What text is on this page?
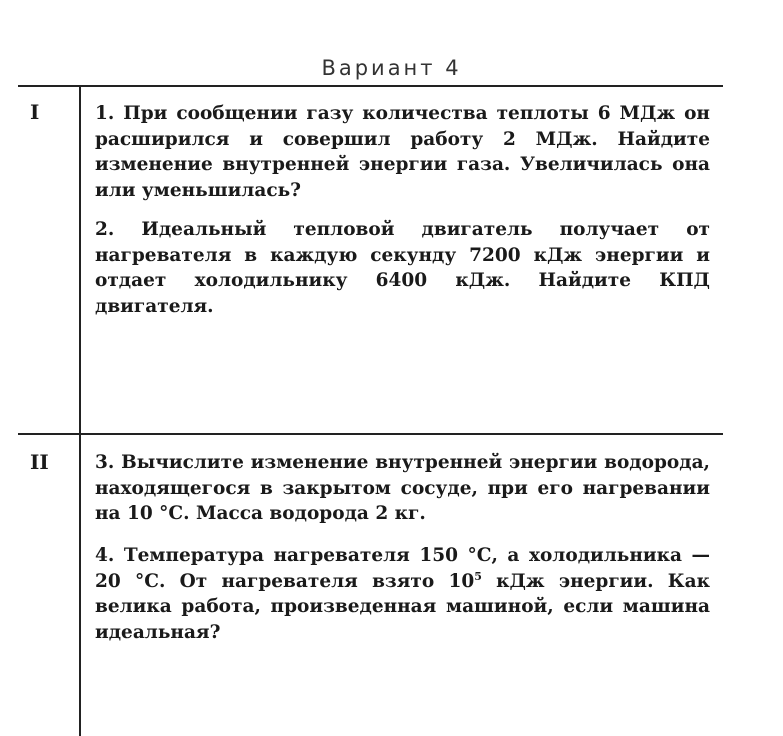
Вариант 4
I
II
1. При сообщении газу количества теплоты 6 МДж он расширился и совершил работу 2 МДж. Найдите изменение внутренней энергии газа. Увеличилась она или уменьшилась?
2. Идеальный тепловой двигатель получает от нагревателя в каждую секунду 7200 кДж энергии и отдает холодильнику 6400 кДж. Найдите КПД двигателя.
3. Вычислите изменение внутренней энергии водорода, находящегося в закрытом сосуде, при его нагревании на 10 °С. Масса водорода 2 кг.
4. Температура нагревателя 150 °С, а холодильника — 20 °С. От нагревателя взято $10^5$ кДж энергии. Как велика работа, произведенная машиной, если машина идеальная?
